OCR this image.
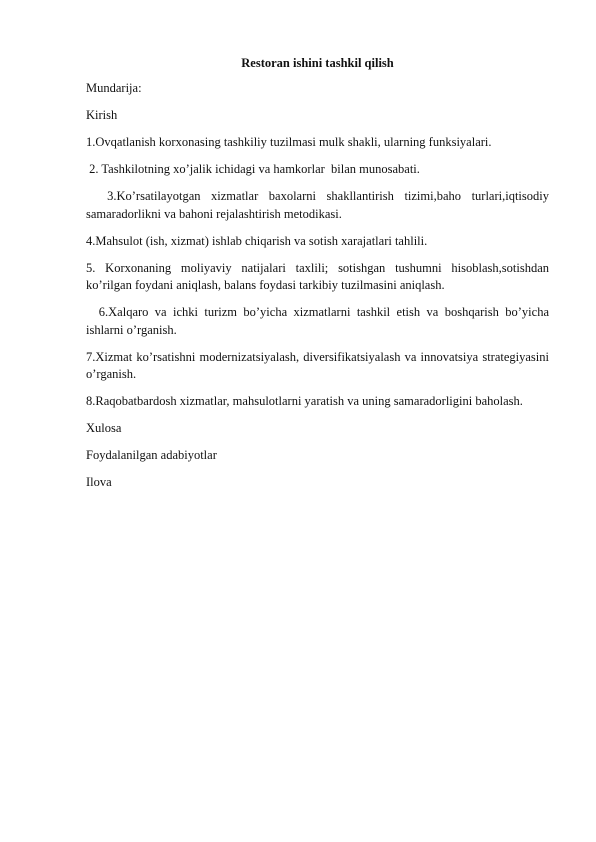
Restoran ishini tashkil qilish
Mundarija:
Kirish
1.Ovqatlanish korxonasing tashkiliy tuzilmasi mulk shakli, ularning funksiyalari.
2. Tashkilotning xo’jalik ichidagi va hamkorlar  bilan munosabati.
3.Ko’rsatilayotgan xizmatlar baxolarni shakllantirish tizimi,baho turlari,iqtisodiy samaradorlikni va bahoni rejalashtirish metodikasi.
4.Mahsulot (ish, xizmat) ishlab chiqarish va sotish xarajatlari tahlili.
5. Korxonaning moliyaviy natijalari taxlili; sotishgan tushumni hisoblash,sotishdan ko’rilgan foydani aniqlash, balans foydasi tarkibiy tuzilmasini aniqlash.
6.Xalqaro va ichki turizm bo’yicha xizmatlarni tashkil etish va boshqarish bo’yicha ishlarni o’rganish.
7.Xizmat ko’rsatishni modernizatsiyalash, diversifikatsiyalash va innovatsiya strategiyasini o’rganish.
8.Raqobatbardosh xizmatlar, mahsulotlarni yaratish va uning samaradorligini baholash.
Xulosa
Foydalanilgan adabiyotlar
Ilova
